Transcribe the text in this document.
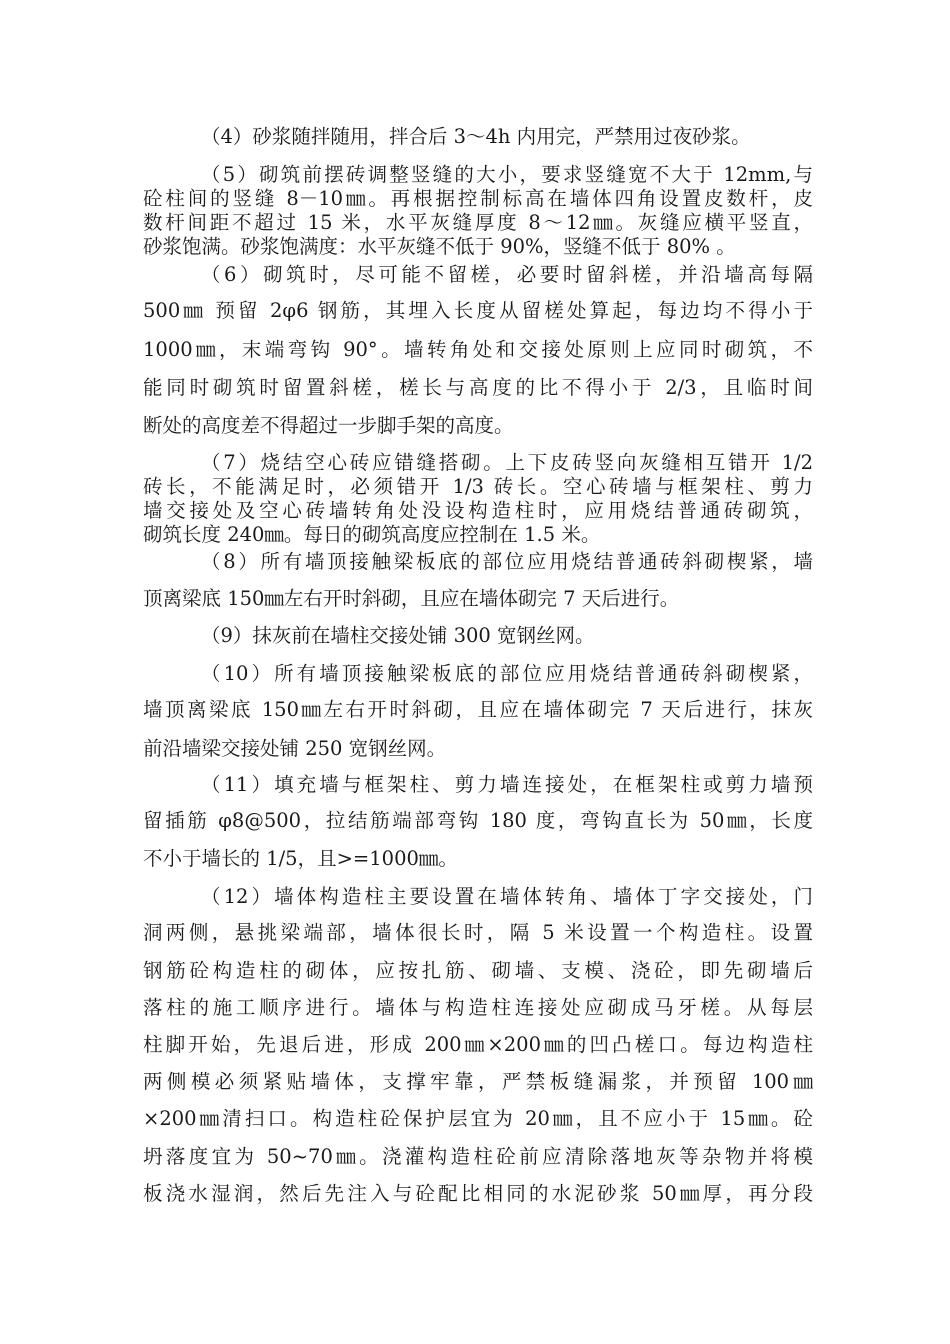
（4）砂浆随拌随用，拌合后 3～4h 内用完，严禁用过夜砂浆。

（5）砌筑前摆砖调整竖缝的大小，要求竖缝宽不大于 12mm,与

砼柱间的竖缝 8－10㎜。再根据控制标高在墙体四角设置皮数杆，皮

数杆间距不超过 15 米，水平灰缝厚度 8～12㎜。灰缝应横平竖直，

砂浆饱满。砂浆饱满度：水平灰缝不低于 90%，竖缝不低于 80% 。

（6）砌筑时，尽可能不留槎，必要时留斜槎，并沿墙高每隔

500㎜ 预留 2φ6 钢筋，其埋入长度从留槎处算起，每边均不得小于

1000㎜，末端弯钩 90°。墙转角处和交接处原则上应同时砌筑，不

能同时砌筑时留置斜槎，槎长与高度的比不得小于 2/3，且临时间

断处的高度差不得超过一步脚手架的高度。

（7）烧结空心砖应错缝搭砌。上下皮砖竖向灰缝相互错开 1/2

砖长，不能满足时，必须错开 1/3 砖长。空心砖墙与框架柱、剪力

墙交接处及空心砖墙转角处没设构造柱时，应用烧结普通砖砌筑，

砌筑长度 240㎜。每日的砌筑高度应控制在 1.5 米。

（8）所有墙顶接触梁板底的部位应用烧结普通砖斜砌楔紧，墙

顶离梁底 150㎜左右开时斜砌，且应在墙体砌完 7 天后进行。

（9）抹灰前在墙柱交接处铺 300 宽钢丝网。

（10）所有墙顶接触梁板底的部位应用烧结普通砖斜砌楔紧，

墙顶离梁底 150㎜左右开时斜砌，且应在墙体砌完 7 天后进行，抹灰

前沿墙梁交接处铺 250 宽钢丝网。

（11）填充墙与框架柱、剪力墙连接处，在框架柱或剪力墙预

留插筋 φ8@500，拉结筋端部弯钩 180 度，弯钩直长为 50㎜，长度

不小于墙长的 1/5，且>=1000㎜。

（12）墙体构造柱主要设置在墙体转角、墙体丁字交接处，门

洞两侧，悬挑梁端部，墙体很长时，隔 5 米设置一个构造柱。设置

钢筋砼构造柱的砌体，应按扎筋、砌墙、支模、浇砼，即先砌墙后

落柱的施工顺序进行。墙体与构造柱连接处应砌成马牙槎。从每层

柱脚开始，先退后进，形成 200㎜×200㎜的凹凸槎口。每边构造柱

两侧模必须紧贴墙体，支撑牢靠，严禁板缝漏浆，并预留 100㎜

×200㎜清扫口。构造柱砼保护层宜为 20㎜，且不应小于 15㎜。砼

坍落度宜为 50~70㎜。浇灌构造柱砼前应清除落地灰等杂物并将模

板浇水湿润，然后先注入与砼配比相同的水泥砂浆 50㎜厚，再分段
